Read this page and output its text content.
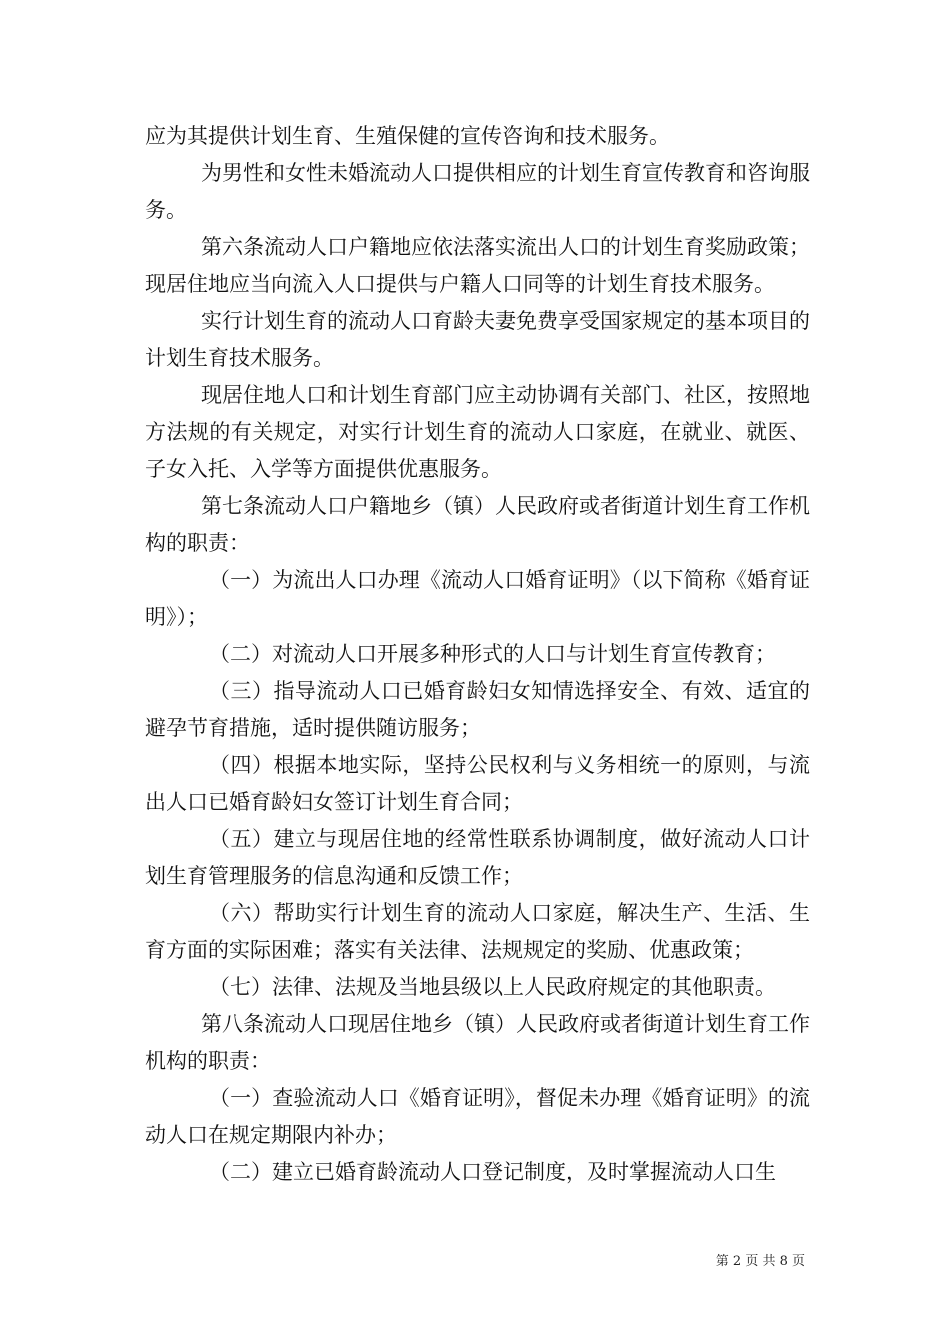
应为其提供计划生育、生殖保健的宣传咨询和技术服务。

为男性和女性未婚流动人口提供相应的计划生育宣传教育和咨询服务。

第六条流动人口户籍地应依法落实流出人口的计划生育奖励政策；现居住地应当向流入人口提供与户籍人口同等的计划生育技术服务。

实行计划生育的流动人口育龄夫妻免费享受国家规定的基本项目的计划生育技术服务。

现居住地人口和计划生育部门应主动协调有关部门、社区，按照地方法规的有关规定，对实行计划生育的流动人口家庭，在就业、就医、子女入托、入学等方面提供优惠服务。

第七条流动人口户籍地乡（镇）人民政府或者街道计划生育工作机构的职责：

（一）为流出人口办理《流动人口婚育证明》（以下简称《婚育证明》）；

（二）对流动人口开展多种形式的人口与计划生育宣传教育；

（三）指导流动人口已婚育龄妇女知情选择安全、有效、适宜的避孕节育措施，适时提供随访服务；

（四）根据本地实际，坚持公民权利与义务相统一的原则，与流出人口已婚育龄妇女签订计划生育合同；

（五）建立与现居住地的经常性联系协调制度，做好流动人口计划生育管理服务的信息沟通和反馈工作；

（六）帮助实行计划生育的流动人口家庭，解决生产、生活、生育方面的实际困难；落实有关法律、法规规定的奖励、优惠政策；

（七）法律、法规及当地县级以上人民政府规定的其他职责。

第八条流动人口现居住地乡（镇）人民政府或者街道计划生育工作机构的职责：

（一）查验流动人口《婚育证明》，督促未办理《婚育证明》的流动人口在规定期限内补办；

（二）建立已婚育龄流动人口登记制度，及时掌握流动人口生

第 2 页 共 8 页
